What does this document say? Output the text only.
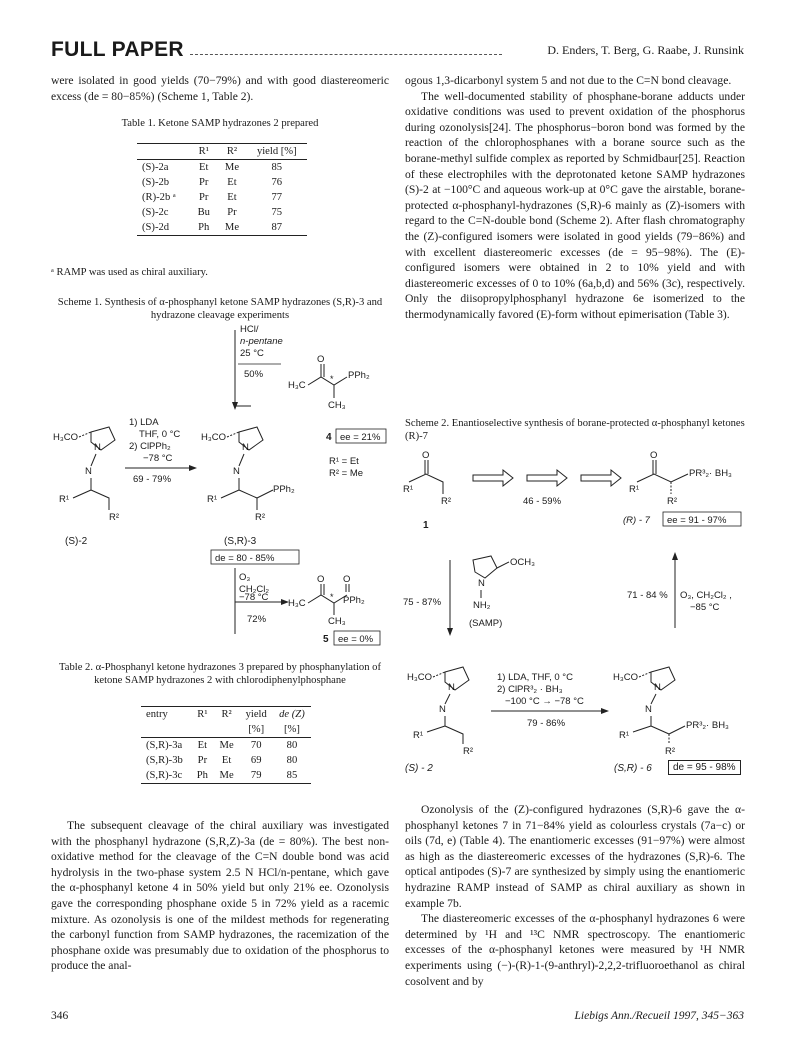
FULL PAPER	D. Enders, T. Berg, G. Raabe, J. Runsink

were isolated in good yields (70−79%) and with good diastereomeric excess (de = 80−85%) (Scheme 1, Table 2).

Table 1. Ketone SAMP hydrazones 2 prepared
	R¹	R²	yield [%]
(S)-2a	Et	Me	85
(S)-2b	Pr	Et	76
(R)-2b ᵃ	Pr	Et	77
(S)-2c	Bu	Pr	75
(S)-2d	Ph	Me	87
ᵃ RAMP was used as chiral auxiliary.
Scheme 1. Synthesis of α-phosphanyl ketone SAMP hydrazones (S,R)-3 and hydrazone cleavage experiments
HCl/
n-pentane
25 °C
50%
H₃C
O
PPh₂
CH₃
*
H₃CO
N
N
R¹
R²
(S)-2
1) LDA
THF, 0 °C
2) ClPPh₂
−78 °C
69 - 79%
H₃CO
N
N
PPh₂
R¹
R²
(S,R)-3
de = 80 - 85%
4 ee = 21%
R¹ = Et
R² = Me
O₃
CH₂Cl₂
−78 °C
72%
H₃C
O O
PPh₂
CH₃
*
5 ee = 0%
Table 2. α-Phosphanyl ketone hydrazones 3 prepared by phosphanylation of ketone SAMP hydrazones 2 with chlorodiphenylphosphane
entry	R¹	R²	yield	de (Z)
			[%]	[%]
(S,R)-3a	Et	Me	70	80
(S,R)-3b	Pr	Et	69	80
(S,R)-3c	Ph	Me	79	85

The subsequent cleavage of the chiral auxiliary was investigated with the phosphanyl hydrazone (S,R,Z)-3a (de = 80%). The best non-oxidative method for the cleavage of the C=N double bond was acid hydrolysis in the two-phase system 2.5 N HCl/n-pentane, which gave the α-phosphanyl ketone 4 in 50% yield but only 21% ee. Ozonolysis gave the corresponding phosphane oxide 5 in 72% yield as a racemic mixture. As ozonolysis is one of the mildest methods for regenerating the carbonyl function from SAMP hydrazones, the racemization of the phosphane oxide was presumably due to oxidation of the phosphorus to produce the anal-

ogous 1,3-dicarbonyl system 5 and not due to the C=N bond cleavage.

The well-documented stability of phosphane-borane adducts under oxidative conditions was used to prevent oxidation of the phosphorus during ozonolysis[24]. The phosphorus−boron bond was formed by the reaction of the chlorophosphanes with a borane source such as the borane-methyl sulfide complex as reported by Schmidbaur[25]. Reaction of these electrophiles with the deprotonated ketone SAMP hydrazones (S)-2 at −100°C and aqueous work-up at 0°C gave the airstable, borane-protected α-phosphanyl-hydrazones (S,R)-6 mainly as (Z)-isomers with regard to the C=N-double bond (Scheme 2). After flash chromatography the (Z)-configured isomers were isolated in good yields (79−86%) and with excellent diastereomeric excesses (de = 95−98%). The (E)-configured isomers were obtained in 2 to 10% yield and with diastereomeric excesses of 0 to 10% (6a,b,d) and 56% (3c), respectively. Only the diisopropylphosphanyl hydrazone 6e isomerized to the thermodynamically favored (E)-form without epimerisation (Table 3).

Scheme 2. Enantioselective synthesis of borane-protected α-phosphanyl ketones (R)-7
O
R¹
R²
1
46 - 59%
O
PR³₂· BH₃
R¹
R²
(R) - 7 ee = 91 - 97%
75 - 87%
OCH₃
N
NH₂
(SAMP)
71 - 84 % O₃, CH₂Cl₂ ,
−85 °C
H₃CO
N
N
R¹
R²
1) LDA, THF, 0 °C
2) ClPR³₂ · BH₃
−100 °C → −78 °C
79 - 86%
H₃CO
N
N
PR³₂· BH₃
R¹
R²
(S) - 2	(S,R) - 6	de = 95 - 98%

Ozonolysis of the (Z)-configured hydrazones (S,R)-6 gave the α-phosphanyl ketones 7 in 71−84% yield as colourless crystals (7a−c) or oils (7d, e) (Table 4). The enantiomeric excesses (91−97%) were almost as high as the diastereomeric excesses of the hydrazones (S,R)-6. The optical antipodes (S)-7 are synthesized by simply using the enantiomeric hydrazine RAMP instead of SAMP as chiral auxiliary as shown in example 7b.

The diastereomeric excesses of the α-phosphanyl hydrazones 6 were determined by ¹H and ¹³C NMR spectroscopy. The enantiomeric excesses of the α-phosphanyl ketones were measured by ¹H NMR experiments using (−)-(R)-1-(9-anthryl)-2,2,2-trifluoroethanol as chiral cosolvent and by

346	Liebigs Ann./Recueil 1997, 345−363
